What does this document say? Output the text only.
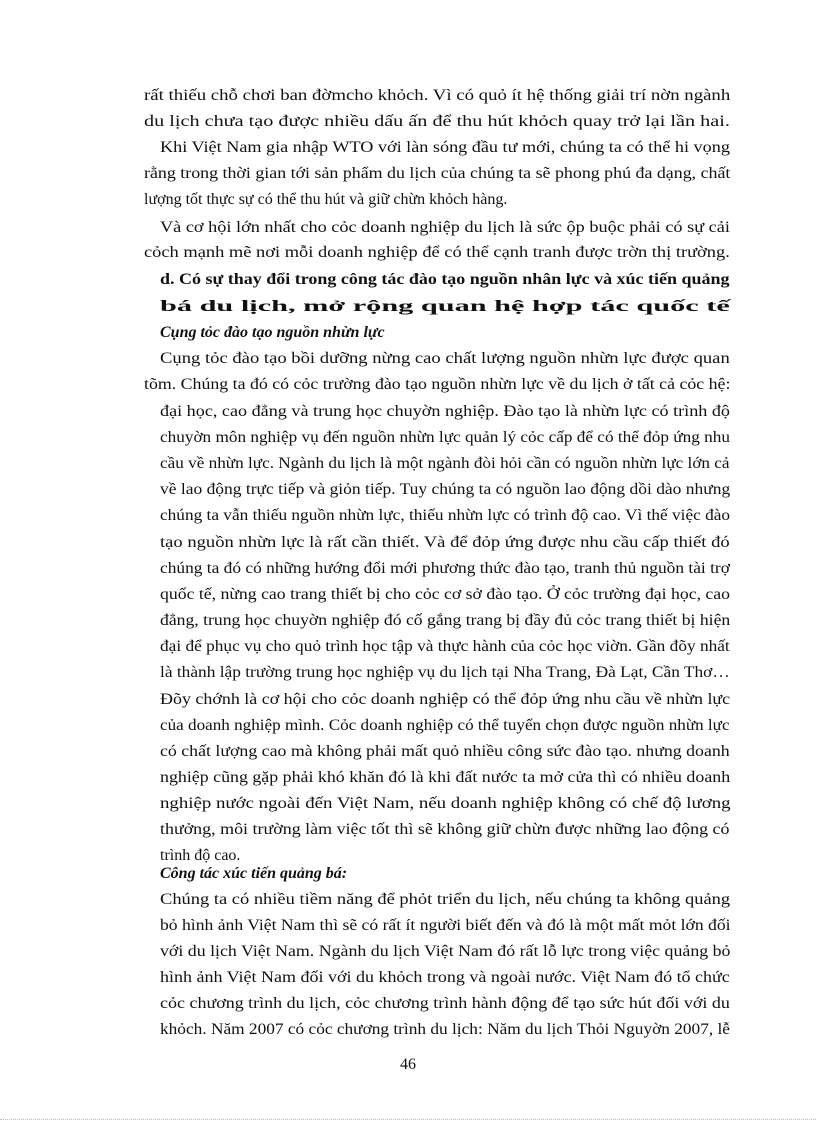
rất thiếu chỗ chơi ban đờmcho khỏch. Vì có quỏ ít hệ thống giải trí nờn ngành
du lịch chưa tạo được nhiều dấu ấn để thu hút khỏch quay trở lại lần hai.
Khi Việt Nam gia nhập WTO với làn sóng đầu tư mới, chúng ta có thể hi vọng
rằng trong thời gian tới sản phẩm du lịch của chúng ta sẽ phong phú đa dạng, chất
lượng tốt thực sự có thể thu hút và giữ chừn khỏch hàng.
Và cơ hội lớn nhất cho cỏc doanh nghiệp du lịch là sức ộp buộc phải có sự cải
cỏch mạnh mẽ nơi mỗi doanh nghiệp để có thể cạnh tranh được trờn thị trường.
d. Có sự thay đổi trong công tác đào tạo nguồn nhân lực và xúc tiến quảng
bá du lịch, mở rộng quan hệ hợp tác quốc tế
Cụng tỏc đào tạo nguồn nhừn lực
Cụng tỏc đào tạo bồi dưỡng nừng cao chất lượng nguồn nhừn lực được quan
tõm. Chúng ta đó có cỏc trường đào tạo nguồn nhừn lực về du lịch ở tất cả cỏc hệ:
đại học, cao đẳng và trung học chuyờn nghiệp. Đào tạo là nhừn lực có trình độ
chuyờn môn nghiệp vụ đến nguồn nhừn lực quản lý cỏc cấp để có thể đỏp ứng nhu
cầu về nhừn lực. Ngành du lịch là một ngành đòi hỏi cần có nguồn nhừn lực lớn cả
về lao động trực tiếp và giỏn tiếp. Tuy chúng ta có nguồn lao động dồi dào nhưng
chúng ta vẫn thiếu nguồn nhừn lực, thiếu nhừn lực có trình độ cao. Vì thế việc đào
tạo nguồn nhừn lực là rất cần thiết. Và để đỏp ứng được nhu cầu cấp thiết đó
chúng ta đó có những hướng đổi mới phương thức đào tạo, tranh thủ nguồn tài trợ
quốc tế, nừng cao trang thiết bị cho cỏc cơ sở đào tạo. Ở cỏc trường đại học, cao
đẳng, trung học chuyờn nghiệp đó cố gắng trang bị đầy đủ cỏc trang thiết bị hiện
đại để phục vụ cho quỏ trình học tập và thực hành của cỏc học viờn. Gần đõy nhất
là thành lập trường trung học nghiệp vụ du lịch tại Nha Trang, Đà Lạt, Cần Thơ…
Đõy chớnh là cơ hội cho cỏc doanh nghiệp có thể đỏp ứng nhu cầu về nhừn lực
của doanh nghiệp mình. Cỏc doanh nghiệp có thể tuyển chọn được nguồn nhừn lực
có chất lượng cao mà không phải mất quỏ nhiều công sức đào tạo. nhưng doanh
nghiệp cũng gặp phải khó khăn đó là khi đất nước ta mở cửa thì có nhiều doanh
nghiệp nước ngoài đến Việt Nam, nếu doanh nghiệp không có chế độ lương
thưởng, môi trường làm việc tốt thì sẽ không giữ chừn được những lao động có
trình độ cao.
Công tác xúc tiến quảng bá:
Chúng ta có nhiều tiềm năng để phỏt triển du lịch, nếu chúng ta không quảng
bỏ hình ảnh Việt Nam thì sẽ có rất ít người biết đến và đó là một mất mỏt lớn đối
với du lịch Việt Nam. Ngành du lịch Việt Nam đó rất lỗ lực trong việc quảng bỏ
hình ảnh Việt Nam đối với du khỏch trong và ngoài nước. Việt Nam đó tổ chức
cỏc chương trình du lịch, cỏc chương trình hành động để tạo sức hút đối với du
khỏch. Năm 2007 có cỏc chương trình du lịch: Năm du lịch Thỏi Nguyờn 2007, lễ
46
